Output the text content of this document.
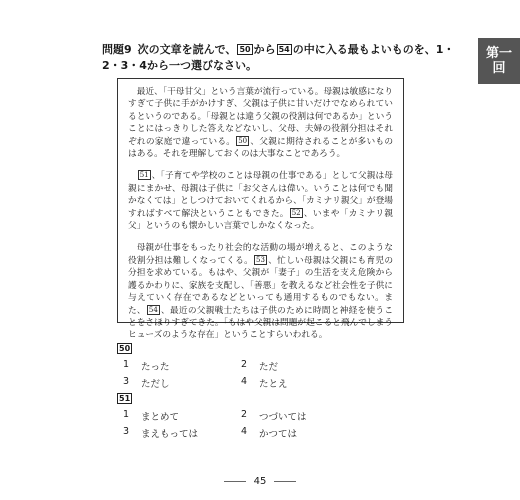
第一
回
問題9 次の文章を読んで、 50 から 54 の中に入る最もよいものを、1・2・3・4から一つ選びなさい。

最近、「干母甘父」という言葉が流行っている。母親は敏感になりすぎて子供に手がかけすぎ、父親は子供に甘いだけでなめられているというのである。「母親とは違う父親の役割は何であるか」ということにはっきりした答えなどないし、父母、夫婦の役割分担はそれぞれの家庭で違っている。 50 、父親に期待されることが多いものはある。それを理解しておくのは大事なことであろう。

51 、「子育てや学校のことは母親の仕事である」として父親は母親にまかせ、母親は子供に「お父さんは偉い。いうことは何でも聞かなくては」としつけておいてくれるから、「カミナリ親父」が登場すればすべて解決ということもできた。 52 、いまや「カミナリ親父」というのも懐かしい言葉でしかなくなった。

母親が仕事をもったり社会的な活動の場が増えると、このような役割分担は難しくなってくる。 53 、忙しい母親は父親にも育児の分担を求めている。もはや、父親が「妻子」の生活を支え危険から護るかわりに、家族を支配し、「善悪」を教えるなど社会性を子供に与えていく存在であるなどといっても通用するものでもない。また、 54 、最近の父親戦士たちは子供のために時間と神経を使うことをさほりすぎてきた。「もはや父親は問題が起こると飛んでしまうヒューズのような存在」ということすらいわれる。

50
1	たった	2	ただ
3	ただし	4	たとえ
51
1	まとめて	2	つづいては
3	まえもっては	4	かつては
45
